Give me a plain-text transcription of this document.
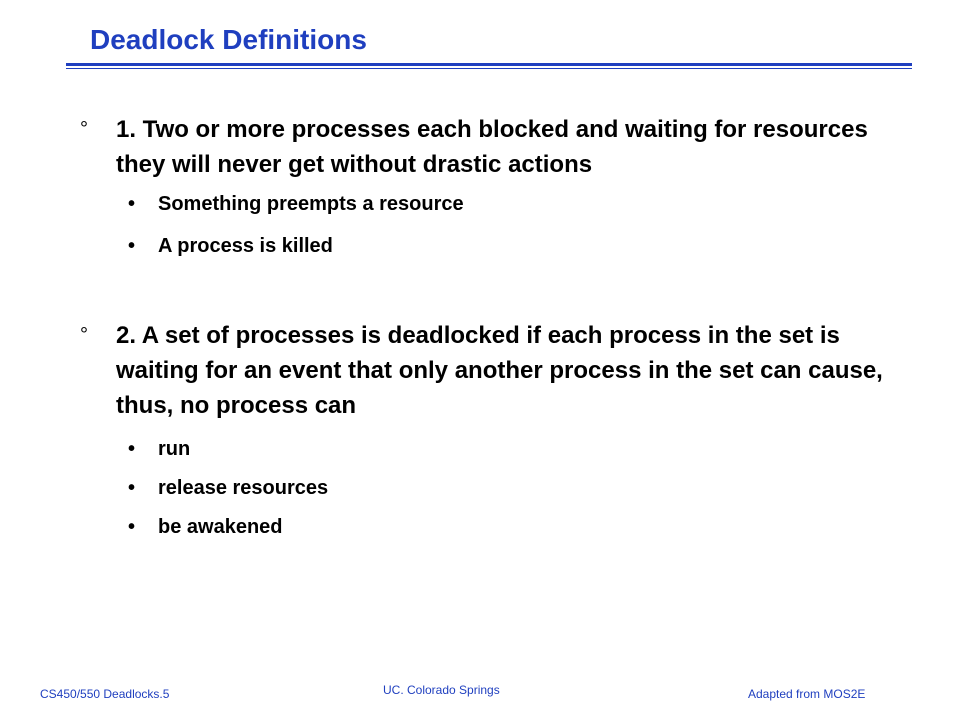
Deadlock Definitions
° 1. Two or more processes each blocked and waiting for resources they will never get without drastic actions
• Something preempts a resource
• A process is killed
° 2. A set of processes is deadlocked if each process in the set is waiting for an event that only another process in the set can cause, thus, no process can
• run
• release resources
• be awakened
CS450/550 Deadlocks.5	UC. Colorado Springs	Adapted from MOS2E
